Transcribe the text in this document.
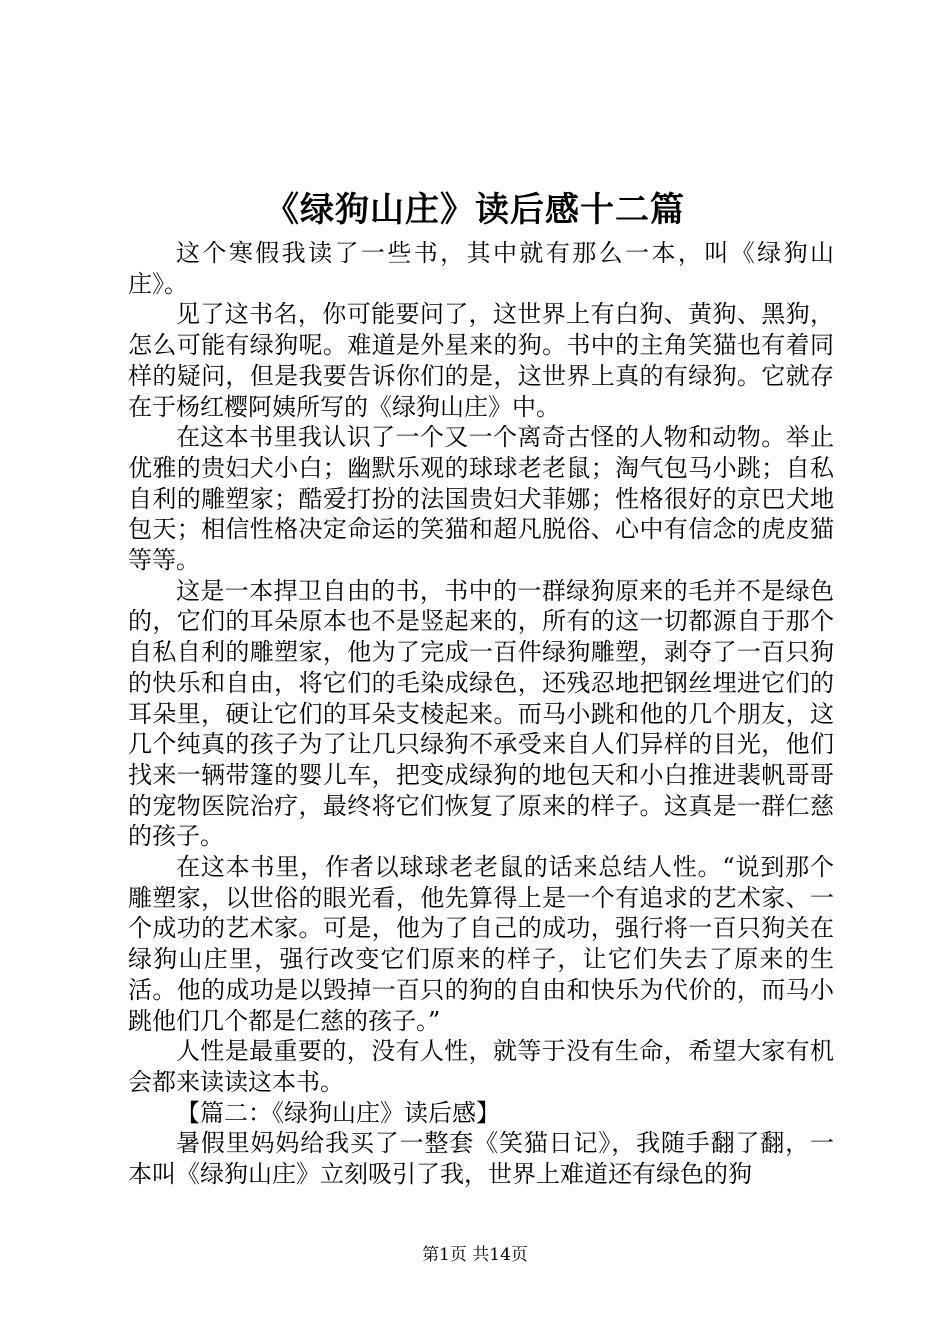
《绿狗山庄》读后感十二篇

这个寒假我读了一些书，其中就有那么一本，叫《绿狗山庄》。

见了这书名，你可能要问了，这世界上有白狗、黄狗、黑狗，怎么可能有绿狗呢。难道是外星来的狗。书中的主角笑猫也有着同样的疑问，但是我要告诉你们的是，这世界上真的有绿狗。它就存在于杨红樱阿姨所写的《绿狗山庄》中。

在这本书里我认识了一个又一个离奇古怪的人物和动物。举止优雅的贵妇犬小白；幽默乐观的球球老老鼠；淘气包马小跳；自私自利的雕塑家；酷爱打扮的法国贵妇犬菲娜；性格很好的京巴犬地包天；相信性格决定命运的笑猫和超凡脱俗、心中有信念的虎皮猫等等。

这是一本捍卫自由的书，书中的一群绿狗原来的毛并不是绿色的，它们的耳朵原本也不是竖起来的，所有的这一切都源自于那个自私自利的雕塑家，他为了完成一百件绿狗雕塑，剥夺了一百只狗的快乐和自由，将它们的毛染成绿色，还残忍地把钢丝埋进它们的耳朵里，硬让它们的耳朵支棱起来。而马小跳和他的几个朋友，这几个纯真的孩子为了让几只绿狗不承受来自人们异样的目光，他们找来一辆带篷的婴儿车，把变成绿狗的地包天和小白推进裴帆哥哥的宠物医院治疗，最终将它们恢复了原来的样子。这真是一群仁慈的孩子。

在这本书里，作者以球球老老鼠的话来总结人性。“说到那个雕塑家，以世俗的眼光看，他先算得上是一个有追求的艺术家、一个成功的艺术家。可是，他为了自己的成功，强行将一百只狗关在绿狗山庄里，强行改变它们原来的样子，让它们失去了原来的生活。他的成功是以毁掉一百只的狗的自由和快乐为代价的，而马小跳他们几个都是仁慈的孩子。”

人性是最重要的，没有人性，就等于没有生命，希望大家有机会都来读读这本书。

【篇二：《绿狗山庄》读后感】

暑假里妈妈给我买了一整套《笑猫日记》，我随手翻了翻，一本叫《绿狗山庄》立刻吸引了我，世界上难道还有绿色的狗

第1页 共14页
